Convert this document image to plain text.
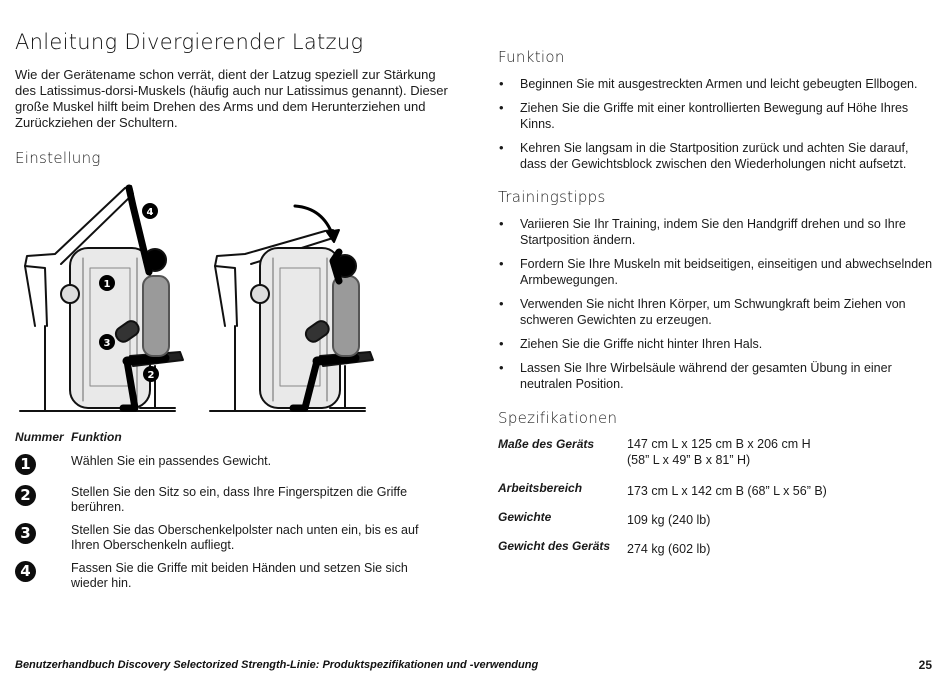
Anleitung Divergierender Latzug

Wie der Gerätename schon verrät, dient der Latzug speziell zur Stärkung des Latissimus-dorsi-Muskels (häufig auch nur Latissimus genannt). Dieser große Muskel hilft beim Drehen des Arms und dem Herunterziehen und Zurückziehen der Schultern.

Einstellung
4
1
3
2
Nummer Funktion
1	Wählen Sie ein passendes Gewicht.
2	Stellen Sie den Sitz so ein, dass Ihre Fingerspitzen die Griffe berühren.
3	Stellen Sie das Oberschenkelpolster nach unten ein, bis es auf Ihren Oberschenkeln aufliegt.
4	Fassen Sie die Griffe mit beiden Händen und setzen Sie sich wieder hin.
Funktion
• Beginnen Sie mit ausgestreckten Armen und leicht gebeugten Ellbogen.
• Ziehen Sie die Griffe mit einer kontrollierten Bewegung auf Höhe Ihres Kinns.
• Kehren Sie langsam in die Startposition zurück und achten Sie darauf, dass der Gewichtsblock zwischen den Wiederholungen nicht aufsetzt.
Trainingstipps
• Variieren Sie Ihr Training, indem Sie den Handgriff drehen und so Ihre Startposition ändern.
• Fordern Sie Ihre Muskeln mit beidseitigen, einseitigen und abwechselnden Armbewegungen.
• Verwenden Sie nicht Ihren Körper, um Schwungkraft beim Ziehen von schweren Gewichten zu erzeugen.
• Ziehen Sie die Griffe nicht hinter Ihren Hals.
• Lassen Sie Ihre Wirbelsäule während der gesamten Übung in einer neutralen Position.
Spezifikationen
Maße des Geräts	147 cm L x 125 cm B x 206 cm H
(58” L x 49” B x 81” H)
Arbeitsbereich	173 cm L x 142 cm B (68” L x 56” B)
Gewichte	109 kg (240 lb)
Gewicht des Geräts	274 kg (602 lb)
Benutzerhandbuch Discovery Selectorized Strength-Linie: Produktspezifikationen und -verwendung	25
